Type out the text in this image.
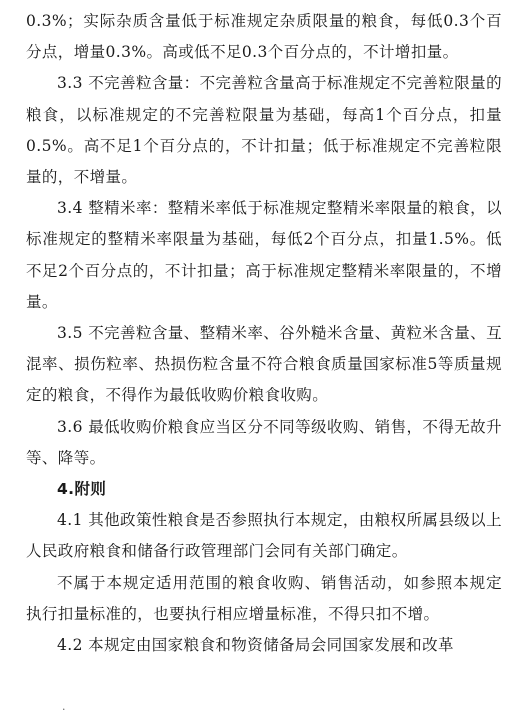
0.3%；实际杂质含量低于标准规定杂质限量的粮食，每低0.3个百分点，增量0.3%。高或低不足0.3个百分点的，不计增扣量。

3.3 不完善粒含量：不完善粒含量高于标准规定不完善粒限量的粮食，以标准规定的不完善粒限量为基础，每高1个百分点，扣量0.5%。高不足1个百分点的，不计扣量；低于标准规定不完善粒限量的，不增量。

3.4 整精米率：整精米率低于标准规定整精米率限量的粮食，以标准规定的整精米率限量为基础，每低2个百分点，扣量1.5%。低不足2个百分点的，不计扣量；高于标准规定整精米率限量的，不增量。

3.5 不完善粒含量、整精米率、谷外糙米含量、黄粒米含量、互混率、损伤粒率、热损伤粒含量不符合粮食质量国家标准5等质量规定的粮食，不得作为最低收购价粮食收购。

3.6 最低收购价粮食应当区分不同等级收购、销售，不得无故升等、降等。

4.附则

4.1 其他政策性粮食是否参照执行本规定，由粮权所属县级以上人民政府粮食和储备行政管理部门会同有关部门确定。

不属于本规定适用范围的粮食收购、销售活动，如参照本规定执行扣量标准的，也要执行相应增量标准，不得只扣不增。

4.2 本规定由国家粮食和物资储备局会同国家发展和改革

·
